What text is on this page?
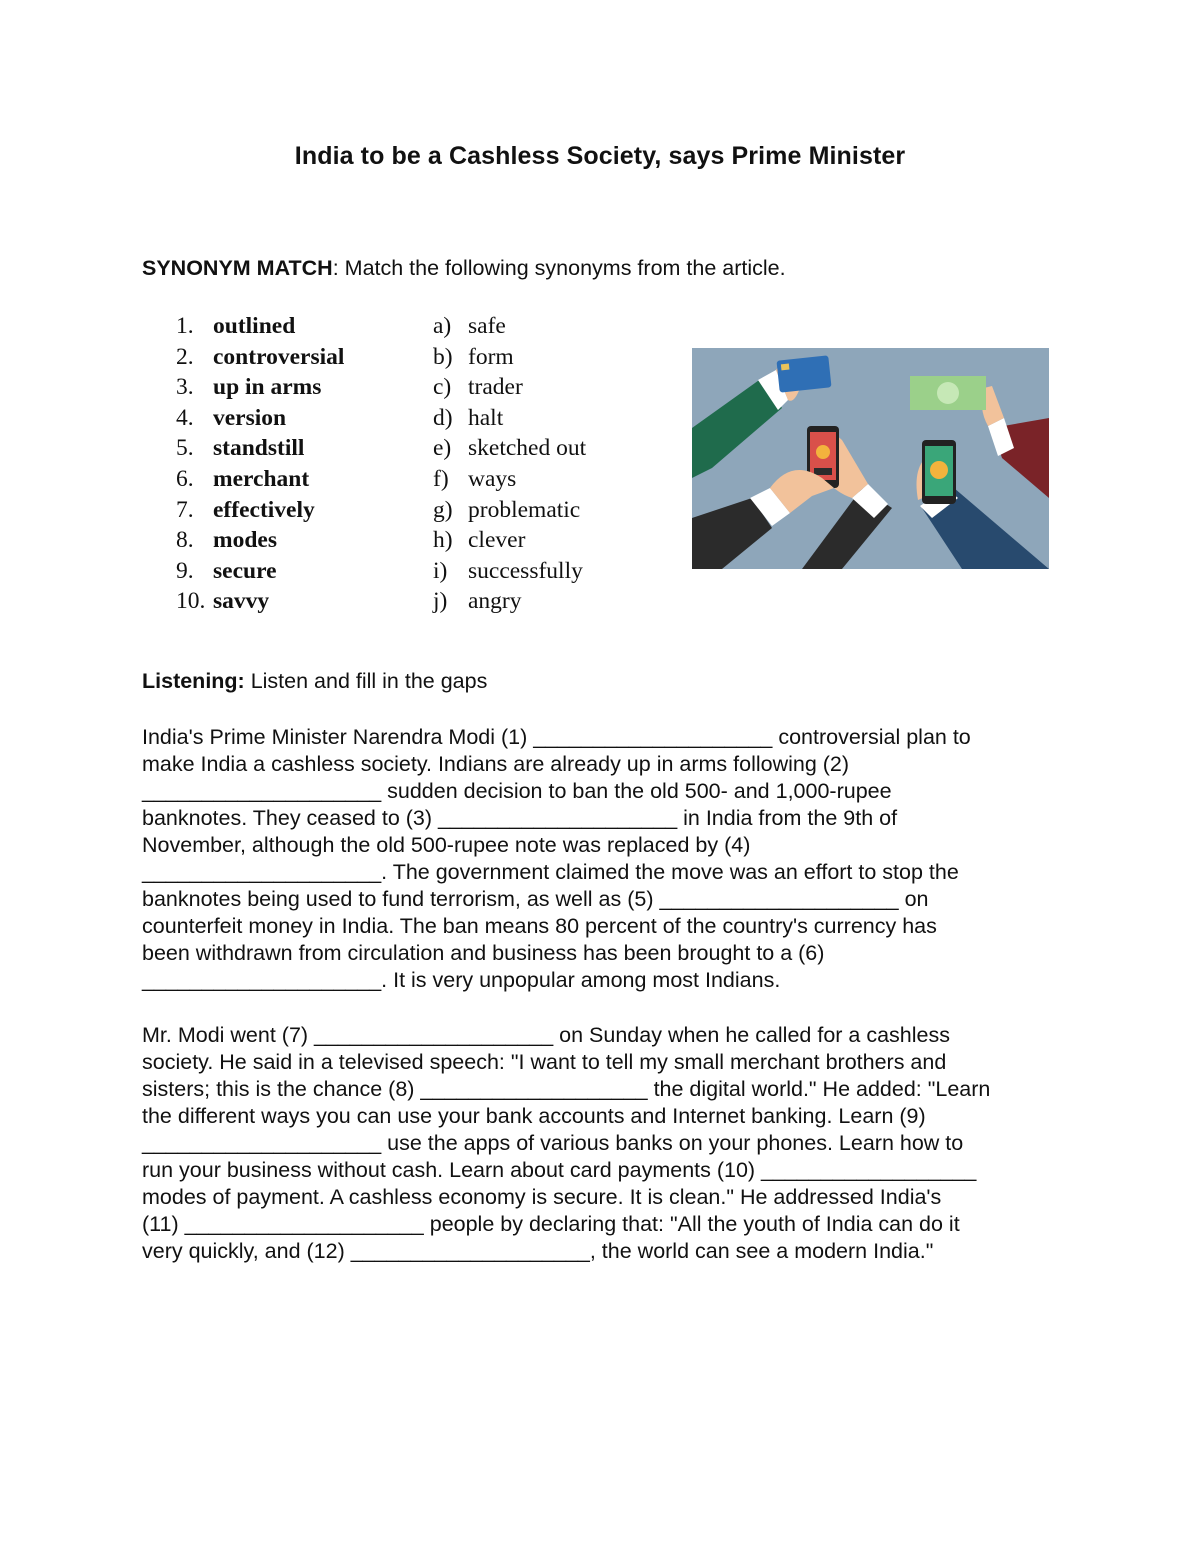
India to be a Cashless Society, says Prime Minister
SYNONYM MATCH: Match the following synonyms from the article.
1. outlined	a) safe
2. controversial	b) form
3. up in arms	c) trader
4. version	d) halt
5. standstill	e) sketched out
6. merchant	f) ways
7. effectively	g) problematic
8. modes	h) clever
9. secure	i) successfully
10. savvy	j) angry
Listening: Listen and fill in the gaps
India's Prime Minister Narendra Modi (1) ____________________ controversial plan to
make India a cashless society. Indians are already up in arms following (2)
____________________ sudden decision to ban the old 500- and 1,000-rupee
banknotes. They ceased to (3) ____________________ in India from the 9th of
November, although the old 500-rupee note was replaced by (4)
____________________. The government claimed the move was an effort to stop the
banknotes being used to fund terrorism, as well as (5) ____________________ on
counterfeit money in India. The ban means 80 percent of the country's currency has
been withdrawn from circulation and business has been brought to a (6)
____________________. It is very unpopular among most Indians.
Mr. Modi went (7) ____________________ on Sunday when he called for a cashless
society. He said in a televised speech: "I want to tell my small merchant brothers and
sisters; this is the chance (8) ___________________ the digital world." He added: "Learn
the different ways you can use your bank accounts and Internet banking. Learn (9)
____________________ use the apps of various banks on your phones. Learn how to
run your business without cash. Learn about card payments (10) __________________
modes of payment. A cashless economy is secure. It is clean." He addressed India's
(11) ____________________ people by declaring that: "All the youth of India can do it
very quickly, and (12) ____________________, the world can see a modern India."
